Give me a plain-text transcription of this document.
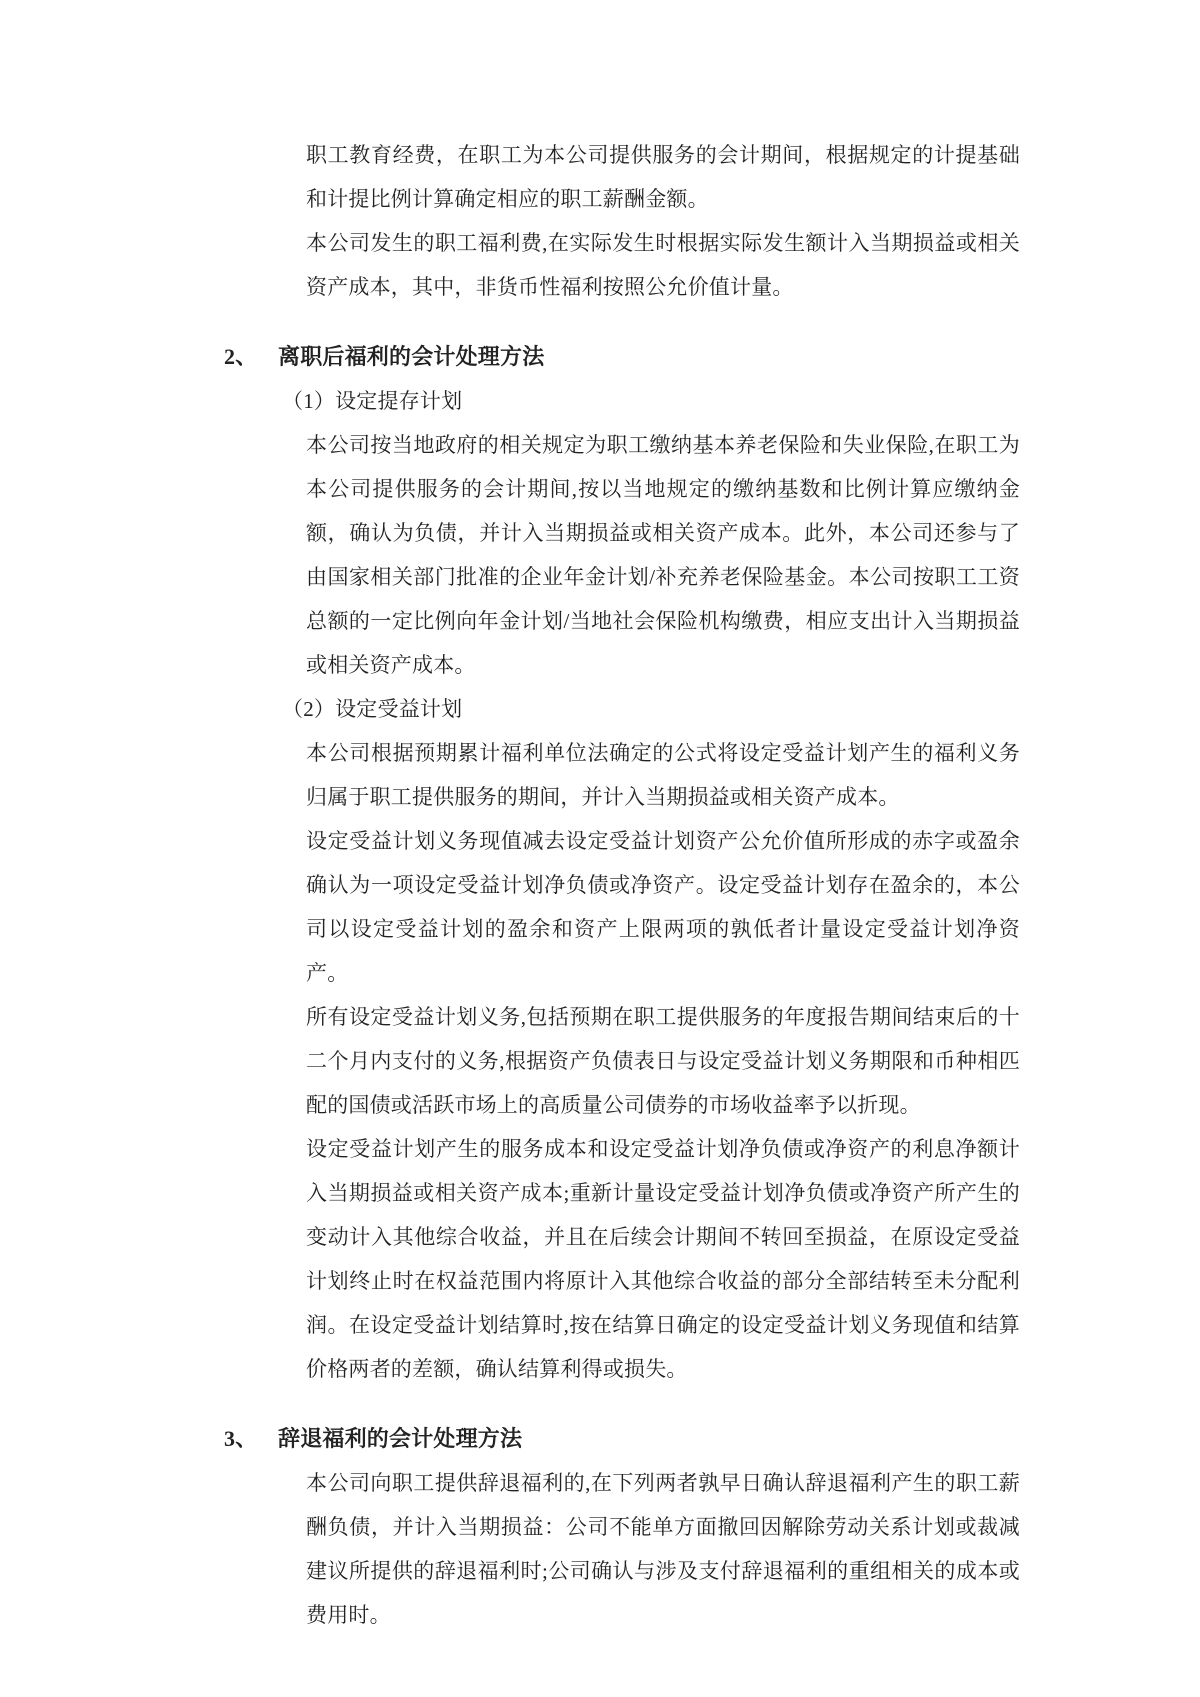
职工教育经费，在职工为本公司提供服务的会计期间，根据规定的计提基础和计提比例计算确定相应的职工薪酬金额。
本公司发生的职工福利费,在实际发生时根据实际发生额计入当期损益或相关资产成本，其中，非货币性福利按照公允价值计量。
2、 离职后福利的会计处理方法
（1）设定提存计划
本公司按当地政府的相关规定为职工缴纳基本养老保险和失业保险,在职工为本公司提供服务的会计期间,按以当地规定的缴纳基数和比例计算应缴纳金额，确认为负债，并计入当期损益或相关资产成本。此外，本公司还参与了由国家相关部门批准的企业年金计划/补充养老保险基金。本公司按职工工资总额的一定比例向年金计划/当地社会保险机构缴费，相应支出计入当期损益或相关资产成本。
（2）设定受益计划
本公司根据预期累计福利单位法确定的公式将设定受益计划产生的福利义务归属于职工提供服务的期间，并计入当期损益或相关资产成本。
设定受益计划义务现值减去设定受益计划资产公允价值所形成的赤字或盈余确认为一项设定受益计划净负债或净资产。设定受益计划存在盈余的，本公司以设定受益计划的盈余和资产上限两项的孰低者计量设定受益计划净资产。
所有设定受益计划义务,包括预期在职工提供服务的年度报告期间结束后的十二个月内支付的义务,根据资产负债表日与设定受益计划义务期限和币种相匹配的国债或活跃市场上的高质量公司债券的市场收益率予以折现。
设定受益计划产生的服务成本和设定受益计划净负债或净资产的利息净额计入当期损益或相关资产成本;重新计量设定受益计划净负债或净资产所产生的变动计入其他综合收益，并且在后续会计期间不转回至损益，在原设定受益计划终止时在权益范围内将原计入其他综合收益的部分全部结转至未分配利润。在设定受益计划结算时,按在结算日确定的设定受益计划义务现值和结算价格两者的差额，确认结算利得或损失。
3、 辞退福利的会计处理方法
本公司向职工提供辞退福利的,在下列两者孰早日确认辞退福利产生的职工薪酬负债，并计入当期损益：公司不能单方面撤回因解除劳动关系计划或裁减建议所提供的辞退福利时;公司确认与涉及支付辞退福利的重组相关的成本或费用时。
